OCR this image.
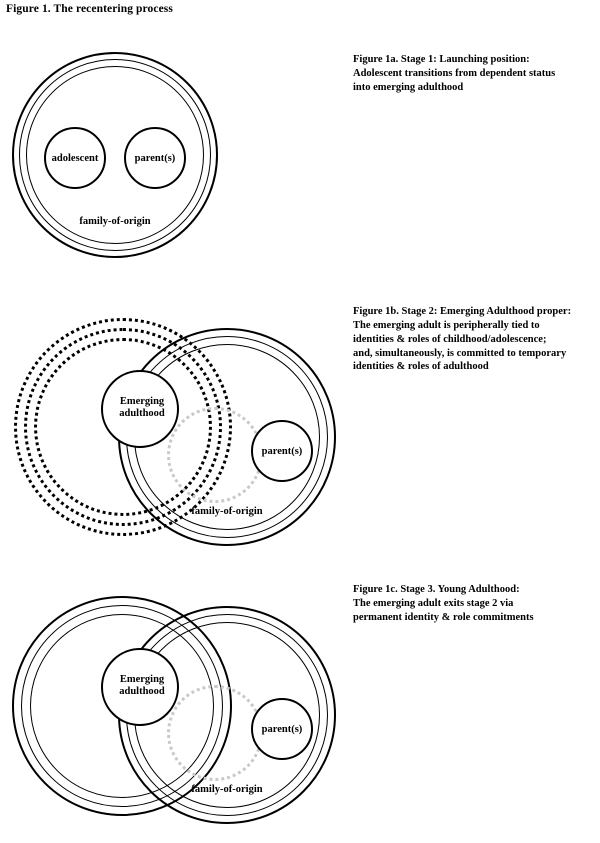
Figure 1. The recentering process
adolescent	parent(s)
family-of-origin
Figure 1a. Stage 1: Launching position:
Adolescent transitions from dependent status
into emerging adulthood
Emerging
adulthood
parent(s)
family-of-origin
Figure 1b. Stage 2: Emerging Adulthood proper:
The emerging adult is peripherally tied to
identities & roles of childhood/adolescence;
and, simultaneously, is committed to temporary
identities & roles of adulthood
Emerging
adulthood
parent(s)
family-of-origin
Figure 1c. Stage 3. Young Adulthood:
The emerging adult exits stage 2 via
permanent identity & role commitments
